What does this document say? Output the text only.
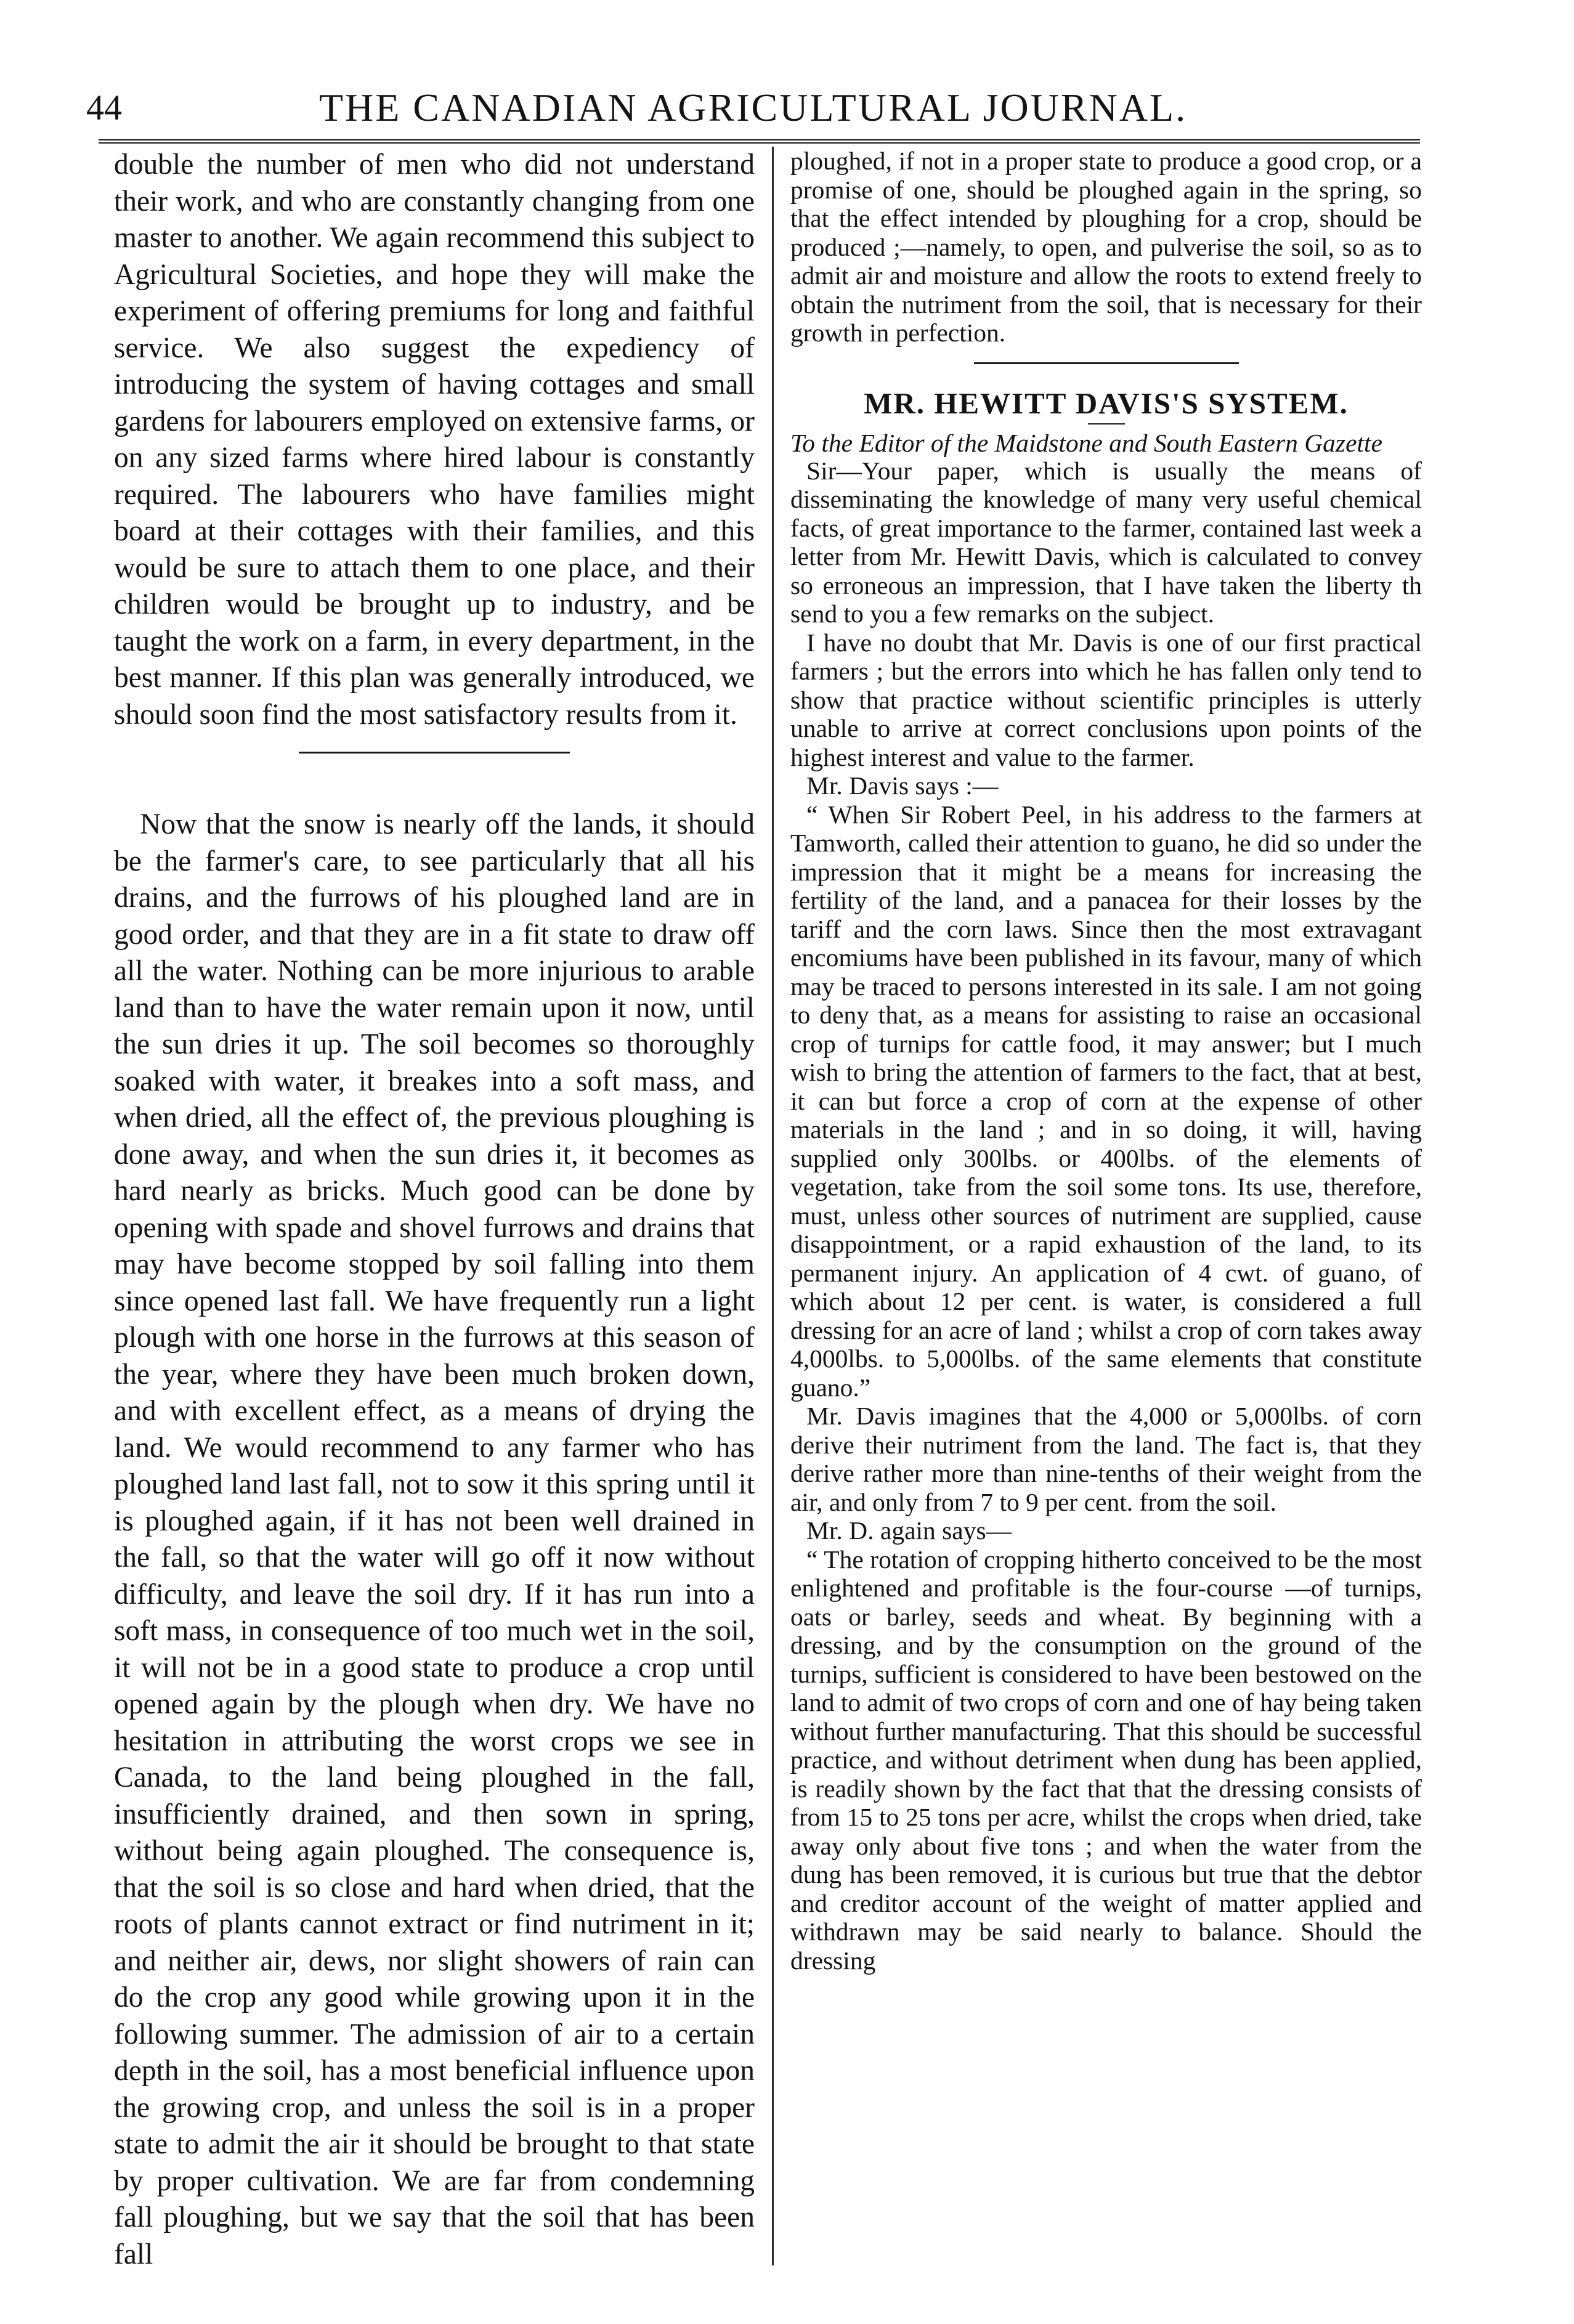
44	THE CANADIAN AGRICULTURAL JOURNAL.

double the number of men who did not understand their work, and who are constantly changing from one master to another. We again recommend this subject to Agricultural Societies, and hope they will make the experiment of offering premiums for long and faithful service. We also suggest the expediency of introducing the system of having cottages and small gardens for labourers employed on extensive farms, or on any sized farms where hired labour is constantly required. The labourers who have families might board at their cottages with their families, and this would be sure to attach them to one place, and their children would be brought up to industry, and be taught the work on a farm, in every department, in the best manner. If this plan was generally introduced, we should soon find the most satisfactory results from it.

Now that the snow is nearly off the lands, it should be the farmer's care, to see particularly that all his drains, and the furrows of his ploughed land are in good order, and that they are in a fit state to draw off all the water. Nothing can be more injurious to arable land than to have the water remain upon it now, until the sun dries it up. The soil becomes so thoroughly soaked with water, it breakes into a soft mass, and when dried, all the effect of, the previous ploughing is done away, and when the sun dries it, it becomes as hard nearly as bricks. Much good can be done by opening with spade and shovel furrows and drains that may have become stopped by soil falling into them since opened last fall. We have frequently run a light plough with one horse in the furrows at this season of the year, where they have been much broken down, and with excellent effect, as a means of drying the land. We would recommend to any farmer who has ploughed land last fall, not to sow it this spring until it is ploughed again, if it has not been well drained in the fall, so that the water will go off it now without difficulty, and leave the soil dry. If it has run into a soft mass, in consequence of too much wet in the soil, it will not be in a good state to produce a crop until opened again by the plough when dry. We have no hesitation in attributing the worst crops we see in Canada, to the land being ploughed in the fall, insufficiently drained, and then sown in spring, without being again ploughed. The consequence is, that the soil is so close and hard when dried, that the roots of plants cannot extract or find nutriment in it; and neither air, dews, nor slight showers of rain can do the crop any good while growing upon it in the following summer. The admission of air to a certain depth in the soil, has a most beneficial influence upon the growing crop, and unless the soil is in a proper state to admit the air it should be brought to that state by proper cultivation. We are far from condemning fall ploughing, but we say that the soil that has been fall

ploughed, if not in a proper state to produce a good crop, or a promise of one, should be ploughed again in the spring, so that the effect intended by ploughing for a crop, should be produced ;—namely, to open, and pulverise the soil, so as to admit air and moisture and allow the roots to extend freely to obtain the nutriment from the soil, that is necessary for their growth in perfection.

MR. HEWITT DAVIS'S SYSTEM.

To the Editor of the Maidstone and South Eastern Gazette

Sir—Your paper, which is usually the means of disseminating the knowledge of many very useful chemical facts, of great importance to the farmer, contained last week a letter from Mr. Hewitt Davis, which is calculated to convey so erroneous an impression, that I have taken the liberty th send to you a few remarks on the subject.

I have no doubt that Mr. Davis is one of our first practical farmers ; but the errors into which he has fallen only tend to show that practice without scientific principles is utterly unable to arrive at correct conclusions upon points of the highest interest and value to the farmer.

Mr. Davis says :—

“ When Sir Robert Peel, in his address to the farmers at Tamworth, called their attention to guano, he did so under the impression that it might be a means for increasing the fertility of the land, and a panacea for their losses by the tariff and the corn laws. Since then the most extravagant encomiums have been published in its favour, many of which may be traced to persons interested in its sale. I am not going to deny that, as a means for assisting to raise an occasional crop of turnips for cattle food, it may answer; but I much wish to bring the attention of farmers to the fact, that at best, it can but force a crop of corn at the expense of other materials in the land ; and in so doing, it will, having supplied only 300lbs. or 400lbs. of the elements of vegetation, take from the soil some tons. Its use, therefore, must, unless other sources of nutriment are supplied, cause disappointment, or a rapid exhaustion of the land, to its permanent injury. An application of 4 cwt. of guano, of which about 12 per cent. is water, is considered a full dressing for an acre of land ; whilst a crop of corn takes away 4,000lbs. to 5,000lbs. of the same elements that constitute guano.”

Mr. Davis imagines that the 4,000 or 5,000lbs. of corn derive their nutriment from the land. The fact is, that they derive rather more than nine-tenths of their weight from the air, and only from 7 to 9 per cent. from the soil.

Mr. D. again says—

“ The rotation of cropping hitherto conceived to be the most enlightened and profitable is the four-course —of turnips, oats or barley, seeds and wheat. By beginning with a dressing, and by the consumption on the ground of the turnips, sufficient is considered to have been bestowed on the land to admit of two crops of corn and one of hay being taken without further manufacturing. That this should be successful practice, and without detriment when dung has been applied, is readily shown by the fact that that the dressing consists of from 15 to 25 tons per acre, whilst the crops when dried, take away only about five tons ; and when the water from the dung has been removed, it is curious but true that the debtor and creditor account of the weight of matter applied and withdrawn may be said nearly to balance. Should the dressing
